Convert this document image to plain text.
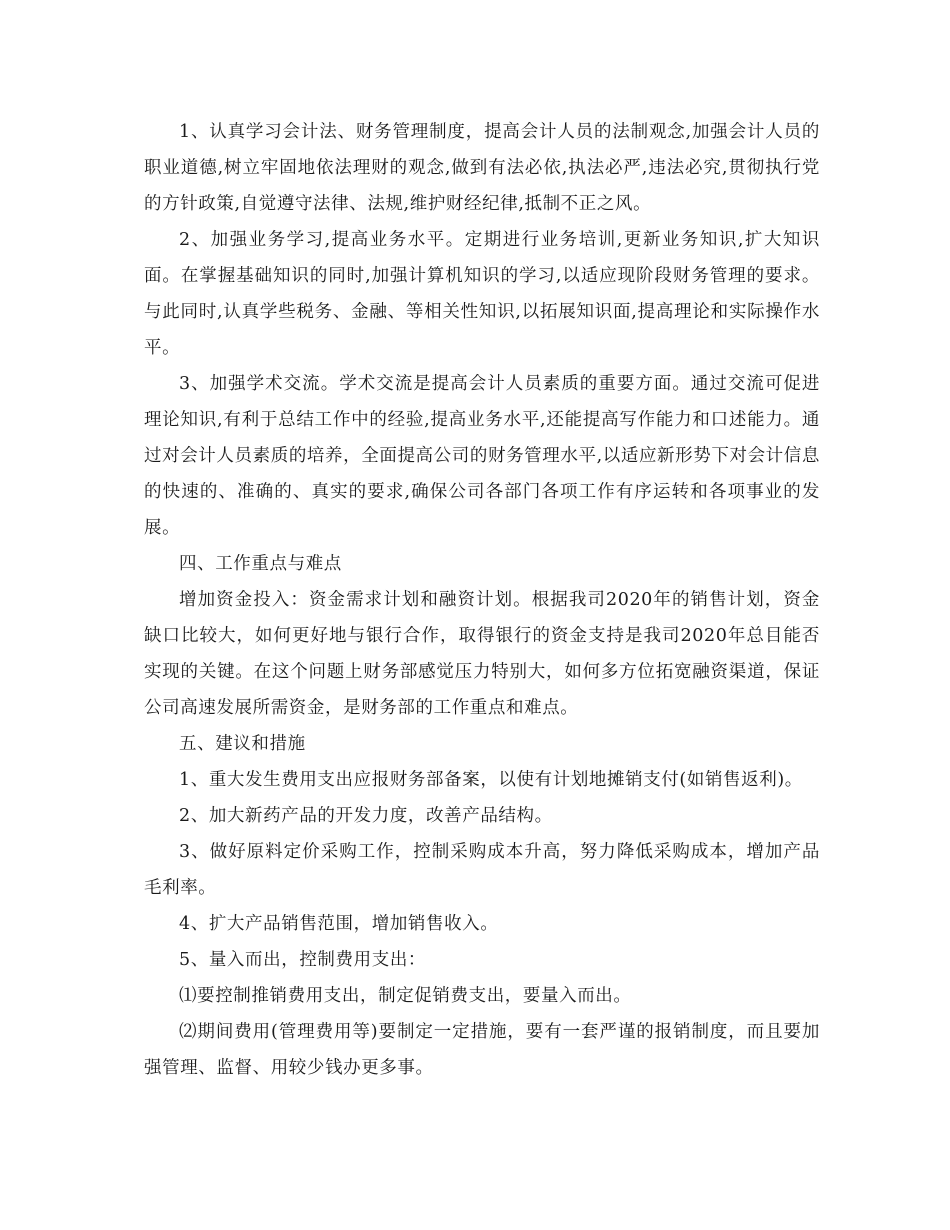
1、认真学习会计法、财务管理制度，提高会计人员的法制观念,加强会计人员的职业道德,树立牢固地依法理财的观念,做到有法必依,执法必严,违法必究,贯彻执行党的方针政策,自觉遵守法律、法规,维护财经纪律,抵制不正之风。

2、加强业务学习,提高业务水平。定期进行业务培训,更新业务知识,扩大知识面。在掌握基础知识的同时,加强计算机知识的学习,以适应现阶段财务管理的要求。与此同时,认真学些税务、金融、等相关性知识,以拓展知识面,提高理论和实际操作水平。

3、加强学术交流。学术交流是提高会计人员素质的重要方面。通过交流可促进理论知识,有利于总结工作中的经验,提高业务水平,还能提高写作能力和口述能力。通过对会计人员素质的培养，全面提高公司的财务管理水平,以适应新形势下对会计信息的快速的、准确的、真实的要求,确保公司各部门各项工作有序运转和各项事业的发展。

四、工作重点与难点

增加资金投入：资金需求计划和融资计划。根据我司2020年的销售计划，资金缺口比较大，如何更好地与银行合作，取得银行的资金支持是我司2020年总目能否实现的关键。在这个问题上财务部感觉压力特别大，如何多方位拓宽融资渠道，保证公司高速发展所需资金，是财务部的工作重点和难点。

五、建议和措施

1、重大发生费用支出应报财务部备案，以使有计划地摊销支付(如销售返利)。

2、加大新药产品的开发力度，改善产品结构。

3、做好原料定价采购工作，控制采购成本升高，努力降低采购成本，增加产品毛利率。

4、扩大产品销售范围，增加销售收入。

5、量入而出，控制费用支出：

⑴要控制推销费用支出，制定促销费支出，要量入而出。

⑵期间费用(管理费用等)要制定一定措施，要有一套严谨的报销制度，而且要加强管理、监督、用较少钱办更多事。
